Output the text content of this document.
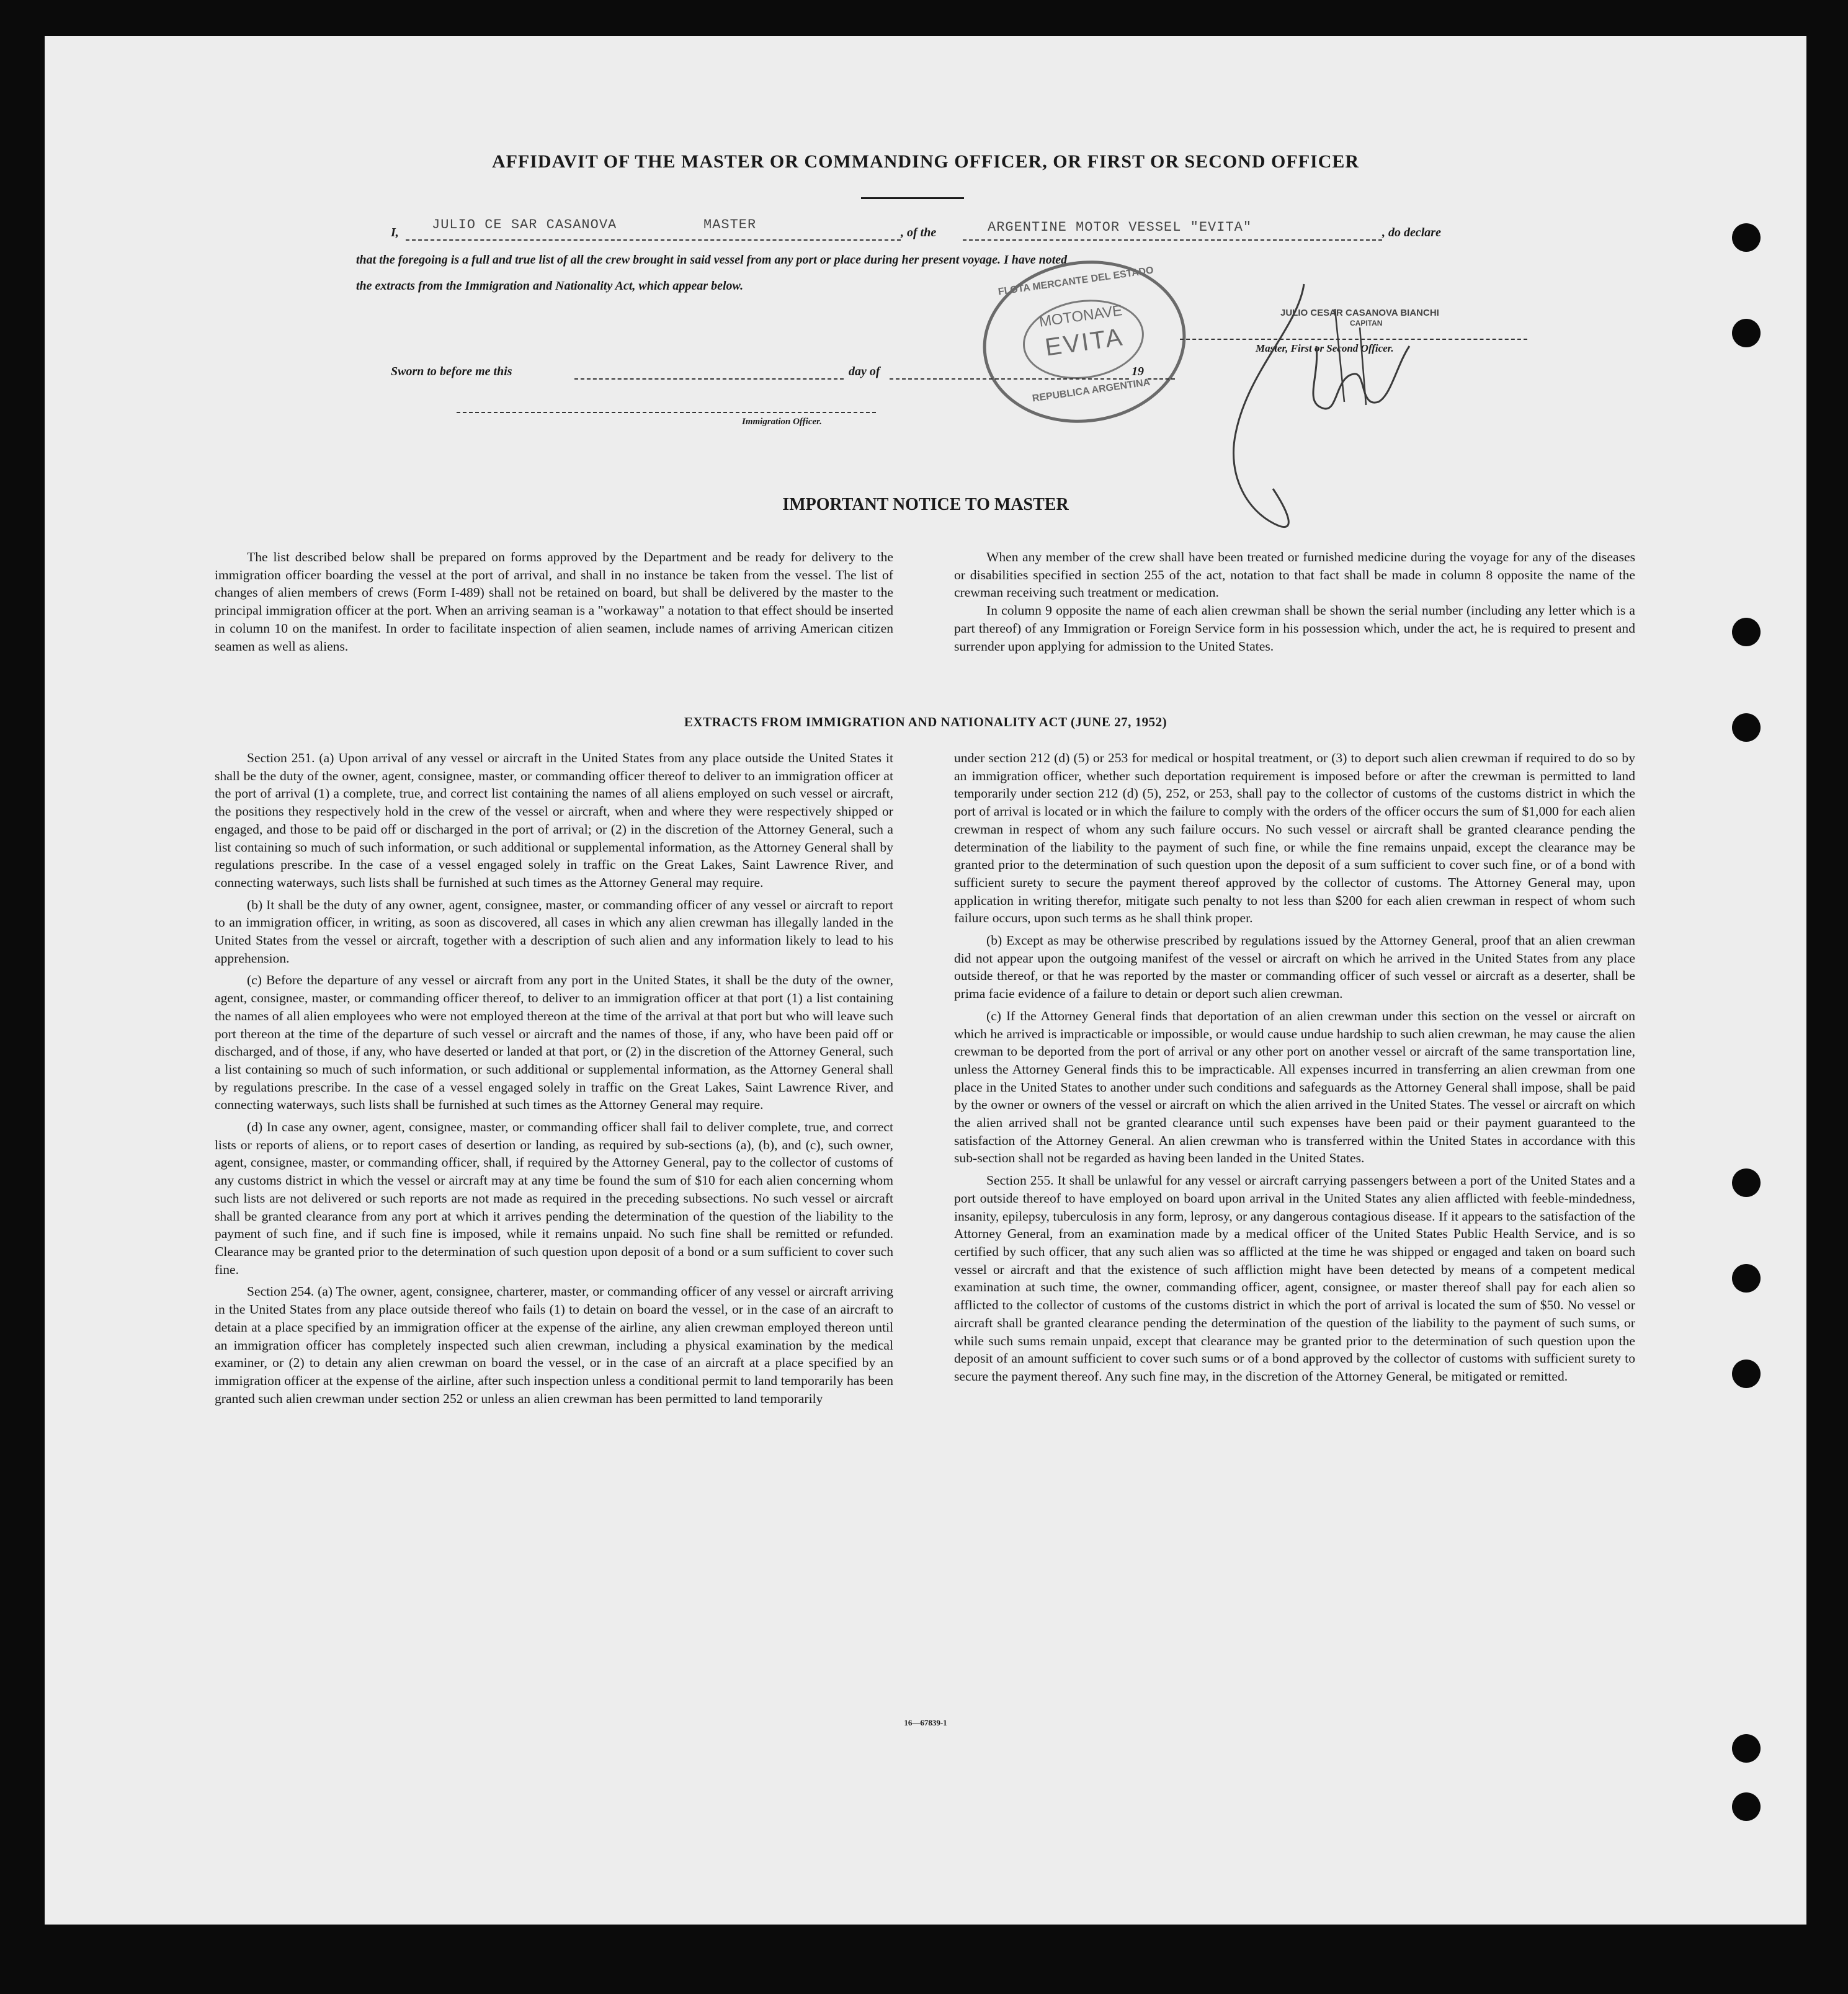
AFFIDAVIT OF THE MASTER OR COMMANDING OFFICER, OR FIRST OR SECOND OFFICER
I, JULIO CE SAR CASANOVA	MASTER	, of the	ARGENTINE MOTOR VESSEL "EVITA"	, do declare
that the foregoing is a full and true list of all the crew brought in said vessel from any port or place during her present voyage. I have noted
the extracts from the Immigration and Nationality Act, which appear below.	FLOTA MERCANTE DEL ESTADO
MOTONAVE
EVITA
REPUBLICA ARGENTINA
JULIO CESAR CASANOVA BIANCHI
CAPITAN
Master, First or Second Officer.
Sworn to before me this	day of	19
Immigration Officer.
IMPORTANT NOTICE TO MASTER

The list described below shall be prepared on forms approved by the Department and be ready for delivery to the immigration officer boarding the vessel at the port of arrival, and shall in no instance be taken from the vessel. The list of changes of alien members of crews (Form I-489) shall not be retained on board, but shall be delivered by the master to the principal immigration officer at the port. When an arriving seaman is a "workaway" a notation to that effect should be inserted in column 10 on the manifest. In order to facilitate inspection of alien seamen, include names of arriving American citizen seamen as well as aliens.

When any member of the crew shall have been treated or furnished medicine during the voyage for any of the diseases or disabilities specified in section 255 of the act, notation to that fact shall be made in column 8 opposite the name of the crewman receiving such treatment or medication.

In column 9 opposite the name of each alien crewman shall be shown the serial number (including any letter which is a part thereof) of any Immigration or Foreign Service form in his possession which, under the act, he is required to present and surrender upon applying for admission to the United States.

EXTRACTS FROM IMMIGRATION AND NATIONALITY ACT (JUNE 27, 1952)

Section 251. (a) Upon arrival of any vessel or aircraft in the United States from any place outside the United States it shall be the duty of the owner, agent, consignee, master, or commanding officer thereof to deliver to an immigration officer at the port of arrival (1) a complete, true, and correct list containing the names of all aliens employed on such vessel or aircraft, the positions they respectively hold in the crew of the vessel or aircraft, when and where they were respectively shipped or engaged, and those to be paid off or discharged in the port of arrival; or (2) in the discretion of the Attorney General, such a list containing so much of such information, or such additional or supplemental information, as the Attorney General shall by regulations prescribe. In the case of a vessel engaged solely in traffic on the Great Lakes, Saint Lawrence River, and connecting waterways, such lists shall be furnished at such times as the Attorney General may require.

(b) It shall be the duty of any owner, agent, consignee, master, or commanding officer of any vessel or aircraft to report to an immigration officer, in writing, as soon as discovered, all cases in which any alien crewman has illegally landed in the United States from the vessel or aircraft, together with a description of such alien and any information likely to lead to his apprehension.

(c) Before the departure of any vessel or aircraft from any port in the United States, it shall be the duty of the owner, agent, consignee, master, or commanding officer thereof, to deliver to an immigration officer at that port (1) a list containing the names of all alien employees who were not employed thereon at the time of the arrival at that port but who will leave such port thereon at the time of the departure of such vessel or aircraft and the names of those, if any, who have been paid off or discharged, and of those, if any, who have deserted or landed at that port, or (2) in the discretion of the Attorney General, such a list containing so much of such information, or such additional or supplemental information, as the Attorney General shall by regulations prescribe. In the case of a vessel engaged solely in traffic on the Great Lakes, Saint Lawrence River, and connecting waterways, such lists shall be furnished at such times as the Attorney General may require.

(d) In case any owner, agent, consignee, master, or commanding officer shall fail to deliver complete, true, and correct lists or reports of aliens, or to report cases of desertion or landing, as required by sub-sections (a), (b), and (c), such owner, agent, consignee, master, or commanding officer, shall, if required by the Attorney General, pay to the collector of customs of any customs district in which the vessel or aircraft may at any time be found the sum of $10 for each alien concerning whom such lists are not delivered or such reports are not made as required in the preceding subsections. No such vessel or aircraft shall be granted clearance from any port at which it arrives pending the determination of the question of the liability to the payment of such fine, and if such fine is imposed, while it remains unpaid. No such fine shall be remitted or refunded. Clearance may be granted prior to the determination of such question upon deposit of a bond or a sum sufficient to cover such fine.

Section 254. (a) The owner, agent, consignee, charterer, master, or commanding officer of any vessel or aircraft arriving in the United States from any place outside thereof who fails (1) to detain on board the vessel, or in the case of an aircraft to detain at a place specified by an immigration officer at the expense of the airline, any alien crewman employed thereon until an immigration officer has completely inspected such alien crewman, including a physical examination by the medical examiner, or (2) to detain any alien crewman on board the vessel, or in the case of an aircraft at a place specified by an immigration officer at the expense of the airline, after such inspection unless a conditional permit to land temporarily has been granted such alien crewman under section 252 or unless an alien crewman has been permitted to land temporarily

under section 212 (d) (5) or 253 for medical or hospital treatment, or (3) to deport such alien crewman if required to do so by an immigration officer, whether such deportation requirement is imposed before or after the crewman is permitted to land temporarily under section 212 (d) (5), 252, or 253, shall pay to the collector of customs of the customs district in which the port of arrival is located or in which the failure to comply with the orders of the officer occurs the sum of $1,000 for each alien crewman in respect of whom any such failure occurs. No such vessel or aircraft shall be granted clearance pending the determination of the liability to the payment of such fine, or while the fine remains unpaid, except the clearance may be granted prior to the determination of such question upon the deposit of a sum sufficient to cover such fine, or of a bond with sufficient surety to secure the payment thereof approved by the collector of customs. The Attorney General may, upon application in writing therefor, mitigate such penalty to not less than $200 for each alien crewman in respect of whom such failure occurs, upon such terms as he shall think proper.

(b) Except as may be otherwise prescribed by regulations issued by the Attorney General, proof that an alien crewman did not appear upon the outgoing manifest of the vessel or aircraft on which he arrived in the United States from any place outside thereof, or that he was reported by the master or commanding officer of such vessel or aircraft as a deserter, shall be prima facie evidence of a failure to detain or deport such alien crewman.

(c) If the Attorney General finds that deportation of an alien crewman under this section on the vessel or aircraft on which he arrived is impracticable or impossible, or would cause undue hardship to such alien crewman, he may cause the alien crewman to be deported from the port of arrival or any other port on another vessel or aircraft of the same transportation line, unless the Attorney General finds this to be impracticable. All expenses incurred in transferring an alien crewman from one place in the United States to another under such conditions and safeguards as the Attorney General shall impose, shall be paid by the owner or owners of the vessel or aircraft on which the alien arrived in the United States. The vessel or aircraft on which the alien arrived shall not be granted clearance until such expenses have been paid or their payment guaranteed to the satisfaction of the Attorney General. An alien crewman who is transferred within the United States in accordance with this sub-section shall not be regarded as having been landed in the United States.

Section 255. It shall be unlawful for any vessel or aircraft carrying passengers between a port of the United States and a port outside thereof to have employed on board upon arrival in the United States any alien afflicted with feeble-mindedness, insanity, epilepsy, tuberculosis in any form, leprosy, or any dangerous contagious disease. If it appears to the satisfaction of the Attorney General, from an examination made by a medical officer of the United States Public Health Service, and is so certified by such officer, that any such alien was so afflicted at the time he was shipped or engaged and taken on board such vessel or aircraft and that the existence of such affliction might have been detected by means of a competent medical examination at such time, the owner, commanding officer, agent, consignee, or master thereof shall pay for each alien so afflicted to the collector of customs of the customs district in which the port of arrival is located the sum of $50. No vessel or aircraft shall be granted clearance pending the determination of the question of the liability to the payment of such sums, or while such sums remain unpaid, except that clearance may be granted prior to the determination of such question upon the deposit of an amount sufficient to cover such sums or of a bond approved by the collector of customs with sufficient surety to secure the payment thereof. Any such fine may, in the discretion of the Attorney General, be mitigated or remitted.

16—67839-1
